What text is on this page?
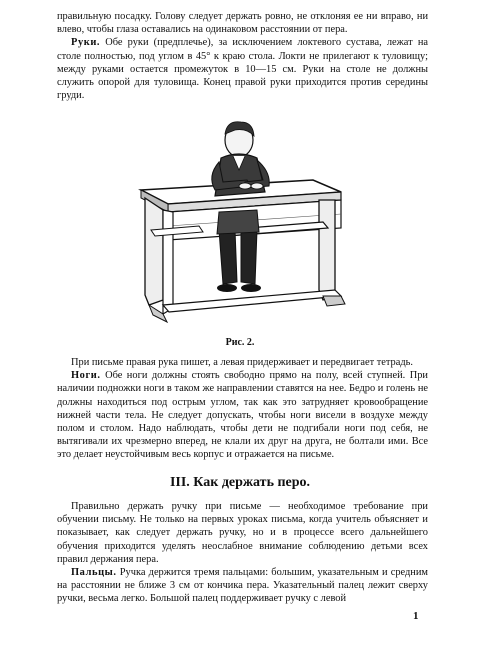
правильную посадку. Голову следует держать ровно, не отклоняя ее ни вправо, ни влево, чтобы глаза оставались на одинаковом расстоянии от пера.

Руки. Обе руки (предплечье), за исключением локтевого сустава, лежат на столе полностью, под углом в 45° к краю стола. Локти не прилегают к туловищу; между руками остается промежуток в 10—15 см. Руки на столе не должны служить опорой для туловища. Конец правой руки приходится против середины груди.

Рис. 2.

При письме правая рука пишет, а левая придерживает и передвигает тетрадь.

Ноги. Обе ноги должны стоять свободно прямо на полу, всей ступней. При наличии подножки ноги в таком же направлении ставятся на нее. Бедро и голень не должны находиться под острым углом, так как это затрудняет кровообращение нижней части тела. Не следует допускать, чтобы ноги висели в воздухе между полом и столом. Надо наблюдать, чтобы дети не подгибали ноги под себя, не вытягивали их чрезмерно вперед, не клали их друг на друга, не болтали ими. Все это делает неустойчивым весь корпус и отражается на письме.

III. Как держать перо.

Правильно держать ручку при письме — необходимое требование при обучении письму. Не только на первых уроках письма, когда учитель объясняет и показывает, как следует держать ручку, но и в процессе всего дальнейшего обучения приходится уделять неослабное внимание соблюдению детьми всех правил держания пера.

Пальцы. Ручка держится тремя пальцами: большим, указательным и средним на расстоянии не ближе 3 см от кончика пера. Указательный палец лежит сверху ручки, весьма легко. Большой палец поддерживает ручку с левой

1
